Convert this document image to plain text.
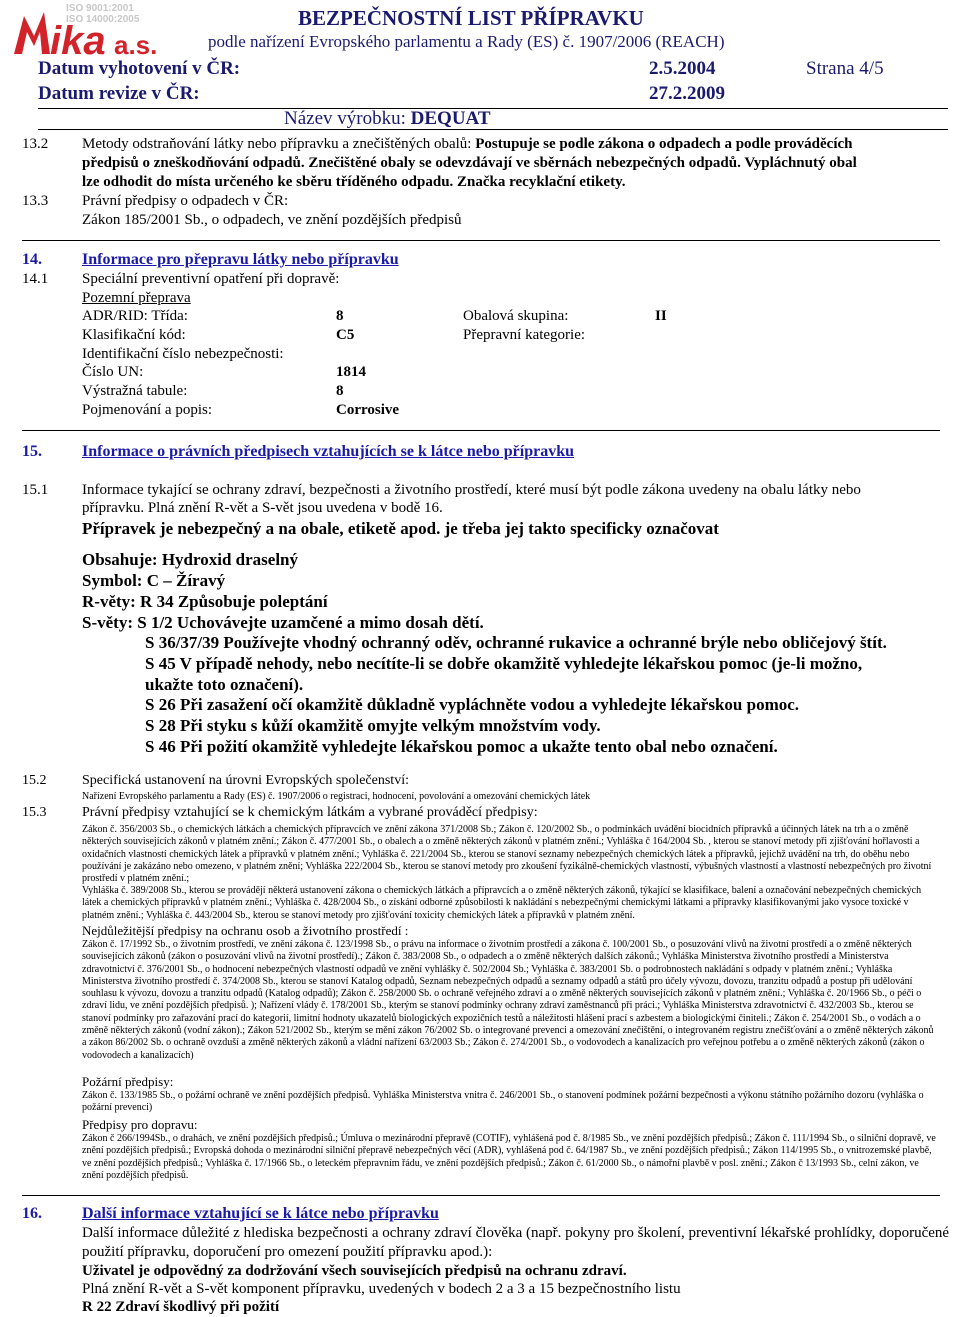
ika a.s.
ISO 9001:2001
ISO 14000:2005	BEZPEČNOSTNÍ LIST PŘÍPRAVKU
podle nařízení Evropského parlamentu a Rady (ES) č. 1907/2006 (REACH)
Datum vyhotovení v ČR:	2.5.2004	Strana 4/5
Datum revize v ČR:	27.2.2009
Název výrobku: DEQUAT
13.2 Metody odstraňování látky nebo přípravku a znečištěných obalů: Postupuje se podle zákona o odpadech a podle prováděcích
předpisů o zneškodňování odpadů. Znečištěné obaly se odevzdávají ve sběrnách nebezpečných odpadů. Vypláchnutý obal
lze odhodit do místa určeného ke sběru tříděného odpadu. Značka recyklační etikety.
13.3 Právní předpisy o odpadech v ČR:
Zákon 185/2001 Sb., o odpadech, ve znění pozdějších předpisů
14.	Informace pro přepravu látky nebo přípravku
14.1 Speciální preventivní opatření při dopravě:
Pozemní přeprava
ADR/RID: Třída:	8	Obalová skupina:	II
Klasifikační kód:	C5	Přepravní kategorie:
Identifikační číslo nebezpečnosti:
Číslo UN:	1814
Výstražná tabule:	8
Pojmenování a popis:	Corrosive
15.	Informace o právních předpisech vztahujících se k látce nebo přípravku
15.1 Informace tykající se ochrany zdraví, bezpečnosti a životního prostředí, které musí být podle zákona uvedeny na obalu látky nebo
přípravku. Plná znění R-vět a S-vět jsou uvedena v bodě 16.
Přípravek je nebezpečný a na obale, etiketě apod. je třeba jej takto specificky označovat
Obsahuje: Hydroxid draselný
Symbol: C – Žíravý
R-věty: R 34 Způsobuje poleptání
S-věty: S 1/2 Uchovávejte uzamčené a mimo dosah dětí.
S 36/37/39 Používejte vhodný ochranný oděv, ochranné rukavice a ochranné brýle nebo obličejový štít.
S 45 V případě nehody, nebo necítíte-li se dobře okamžitě vyhledejte lékařskou pomoc (je-li možno,
ukažte toto označení).
S 26 Při zasažení očí okamžitě důkladně vypláchněte vodou a vyhledejte lékařskou pomoc.
S 28 Při styku s kůží okamžitě omyjte velkým množstvím vody.
S 46 Při požití okamžitě vyhledejte lékařskou pomoc a ukažte tento obal nebo označení.
15.2	Specifická ustanovení na úrovni Evropských společenství:
Nařízení Evropského parlamentu a Rady (ES) č. 1907/2006 o registraci, hodnocení, povolování a omezování chemických látek
15.3	Právní předpisy vztahující se k chemickým látkám a vybrané prováděcí předpisy:
Zákon č. 356/2003 Sb., o chemických látkách a chemických přípravcích ve znění zákona 371/2008 Sb.; Zákon č. 120/2002 Sb., o podmínkách uvádění biocidních přípravků a účinných látek na trh a o změně některých souvisejících zákonů v platném znění.; Zákon č. 477/2001 Sb., o obalech a o změně některých zákonů v platném znění.; Vyhláška č 164/2004 Sb. , kterou se stanoví metody při zjišťování hořlavosti a oxidačních vlastností chemických látek a přípravků v platném znění.; Vyhláška č. 221/2004 Sb., kterou se stanoví seznamy nebezpečných chemických látek a přípravků, jejichž uvádění na trh, do oběhu nebo používání je zakázáno nebo omezeno, v platném znění; Vyhláška 222/2004 Sb., kterou se stanoví metody pro zkoušení fyzikálně-chemických vlastností, výbušných vlastností a vlastností nebezpečných pro životní prostředí v platném znění.;
Vyhláška č. 389/2008 Sb., kterou se provádějí některá ustanovení zákona o chemických látkách a přípravcích a o změně některých zákonů, týkající se klasifikace, balení a označování nebezpečných chemických látek a chemických přípravků v platném znění.; Vyhláška č. 428/2004 Sb., o získání odborné způsobilosti k nakládání s nebezpečnými chemickými látkami a přípravky klasifikovanými jako vysoce toxické v platném znění.; Vyhláška č. 443/2004 Sb., kterou se stanoví metody pro zjišťování toxicity chemických látek a přípravků v platném znění.
Nejdůležitější předpisy na ochranu osob a životního prostředí :
Zákon č. 17/1992 Sb., o životním prostředí, ve znění zákona č. 123/1998 Sb., o právu na informace o životním prostředí a zákona č. 100/2001 Sb., o posuzování vlivů na životní prostředí a o změně některých souvisejících zákonů (zákon o posuzování vlivů na životní prostředí).; Zákon č. 383/2008 Sb., o odpadech a o změně některých dalších zákonů.; Vyhláška Ministerstva životního prostředí a Ministerstva zdravotnictví č. 376/2001 Sb., o hodnocení nebezpečných vlastností odpadů ve znění vyhlášky č. 502/2004 Sb.; Vyhláška č. 383/2001 Sb. o podrobnostech nakládání s odpady v platném znění.; Vyhláška Ministerstva životního prostředí č. 374/2008 Sb., kterou se stanoví Katalog odpadů, Seznam nebezpečných odpadů a seznamy odpadů a států pro účely vývozu, dovozu, tranzitu odpadů a postup při udělování souhlasu k vývozu, dovozu a tranzitu odpadů (Katalog odpadů); Zákon č. 258/2000 Sb. o ochraně veřejného zdraví a o změně některých souvisejících zákonů v platném znění.; Vyhláška č. 20/1966 Sb., o péči o zdraví lidu, ve znění pozdějších předpisů. ); Nařízení vlády č. 178/2001 Sb., kterým se stanoví podmínky ochrany zdraví zaměstnanců při práci.; Vyhláška Ministerstva zdravotnictví č. 432/2003 Sb., kterou se stanoví podmínky pro zařazování prací do kategorií, limitní hodnoty ukazatelů biologických expozičních testů a náležitosti hlášení prací s azbestem a biologickými činiteli.; Zákon č. 254/2001 Sb., o vodách a o změně některých zákonů (vodní zákon).; Zákon 521/2002 Sb., kterým se mění zákon 76/2002 Sb. o integrované prevenci a omezování znečištění, o integrovaném registru znečišťování a o změně některých zákonů a zákon 86/2002 Sb. o ochraně ovzduší a změně některých zákonů a vládní nařízení 63/2003 Sb.; Zákon č. 274/2001 Sb., o vodovodech a kanalizacích pro veřejnou potřebu a o změně některých zákonů (zákon o vodovodech a kanalizacích)
Požární předpisy:
Zákon č. 133/1985 Sb., o požární ochraně ve znění pozdějších předpisů. Vyhláška Ministerstva vnitra č. 246/2001 Sb., o stanovení podmínek požární bezpečnosti a výkonu státního požárního dozoru (vyhláška o požární prevenci)
Předpisy pro dopravu:
Zákon č 266/1994Sb., o drahách, ve znění pozdějších předpisů.; Úmluva o mezinárodní přepravě (COTIF), vyhlášená pod č. 8/1985 Sb., ve znění pozdějších předpisů.; Zákon č. 111/1994 Sb., o silniční dopravě, ve znění pozdějších předpisů.; Evropská dohoda o mezinárodní silniční přepravě nebezpečných věcí (ADR), vyhlášená pod č. 64/1987 Sb., ve znění pozdějších předpisů.; Zákon 114/1995 Sb., o vnitrozemské plavbě, ve znění pozdějších předpisů.; Vyhláška č. 17/1966 Sb., o leteckém přepravním řádu, ve znění pozdějších předpisů.; Zákon č. 61/2000 Sb., o námořní plavbě v posl. znění.; Zákon č 13/1993 Sb., celní zákon, ve znění pozdějších předpisů.
16.	Další informace vztahující se k látce nebo přípravku
Další informace důležité z hlediska bezpečnosti a ochrany zdraví člověka (např. pokyny pro školení, preventivní lékařské prohlídky, doporučené
použití přípravku, doporučení pro omezení použití přípravku apod.):
Uživatel je odpovědný za dodržování všech souvisejících předpisů na ochranu zdraví.
Plná znění R-vět a S-vět komponent přípravku, uvedených v bodech 2 a 3 a 15 bezpečnostního listu
R 22 Zdraví škodlivý při požití
